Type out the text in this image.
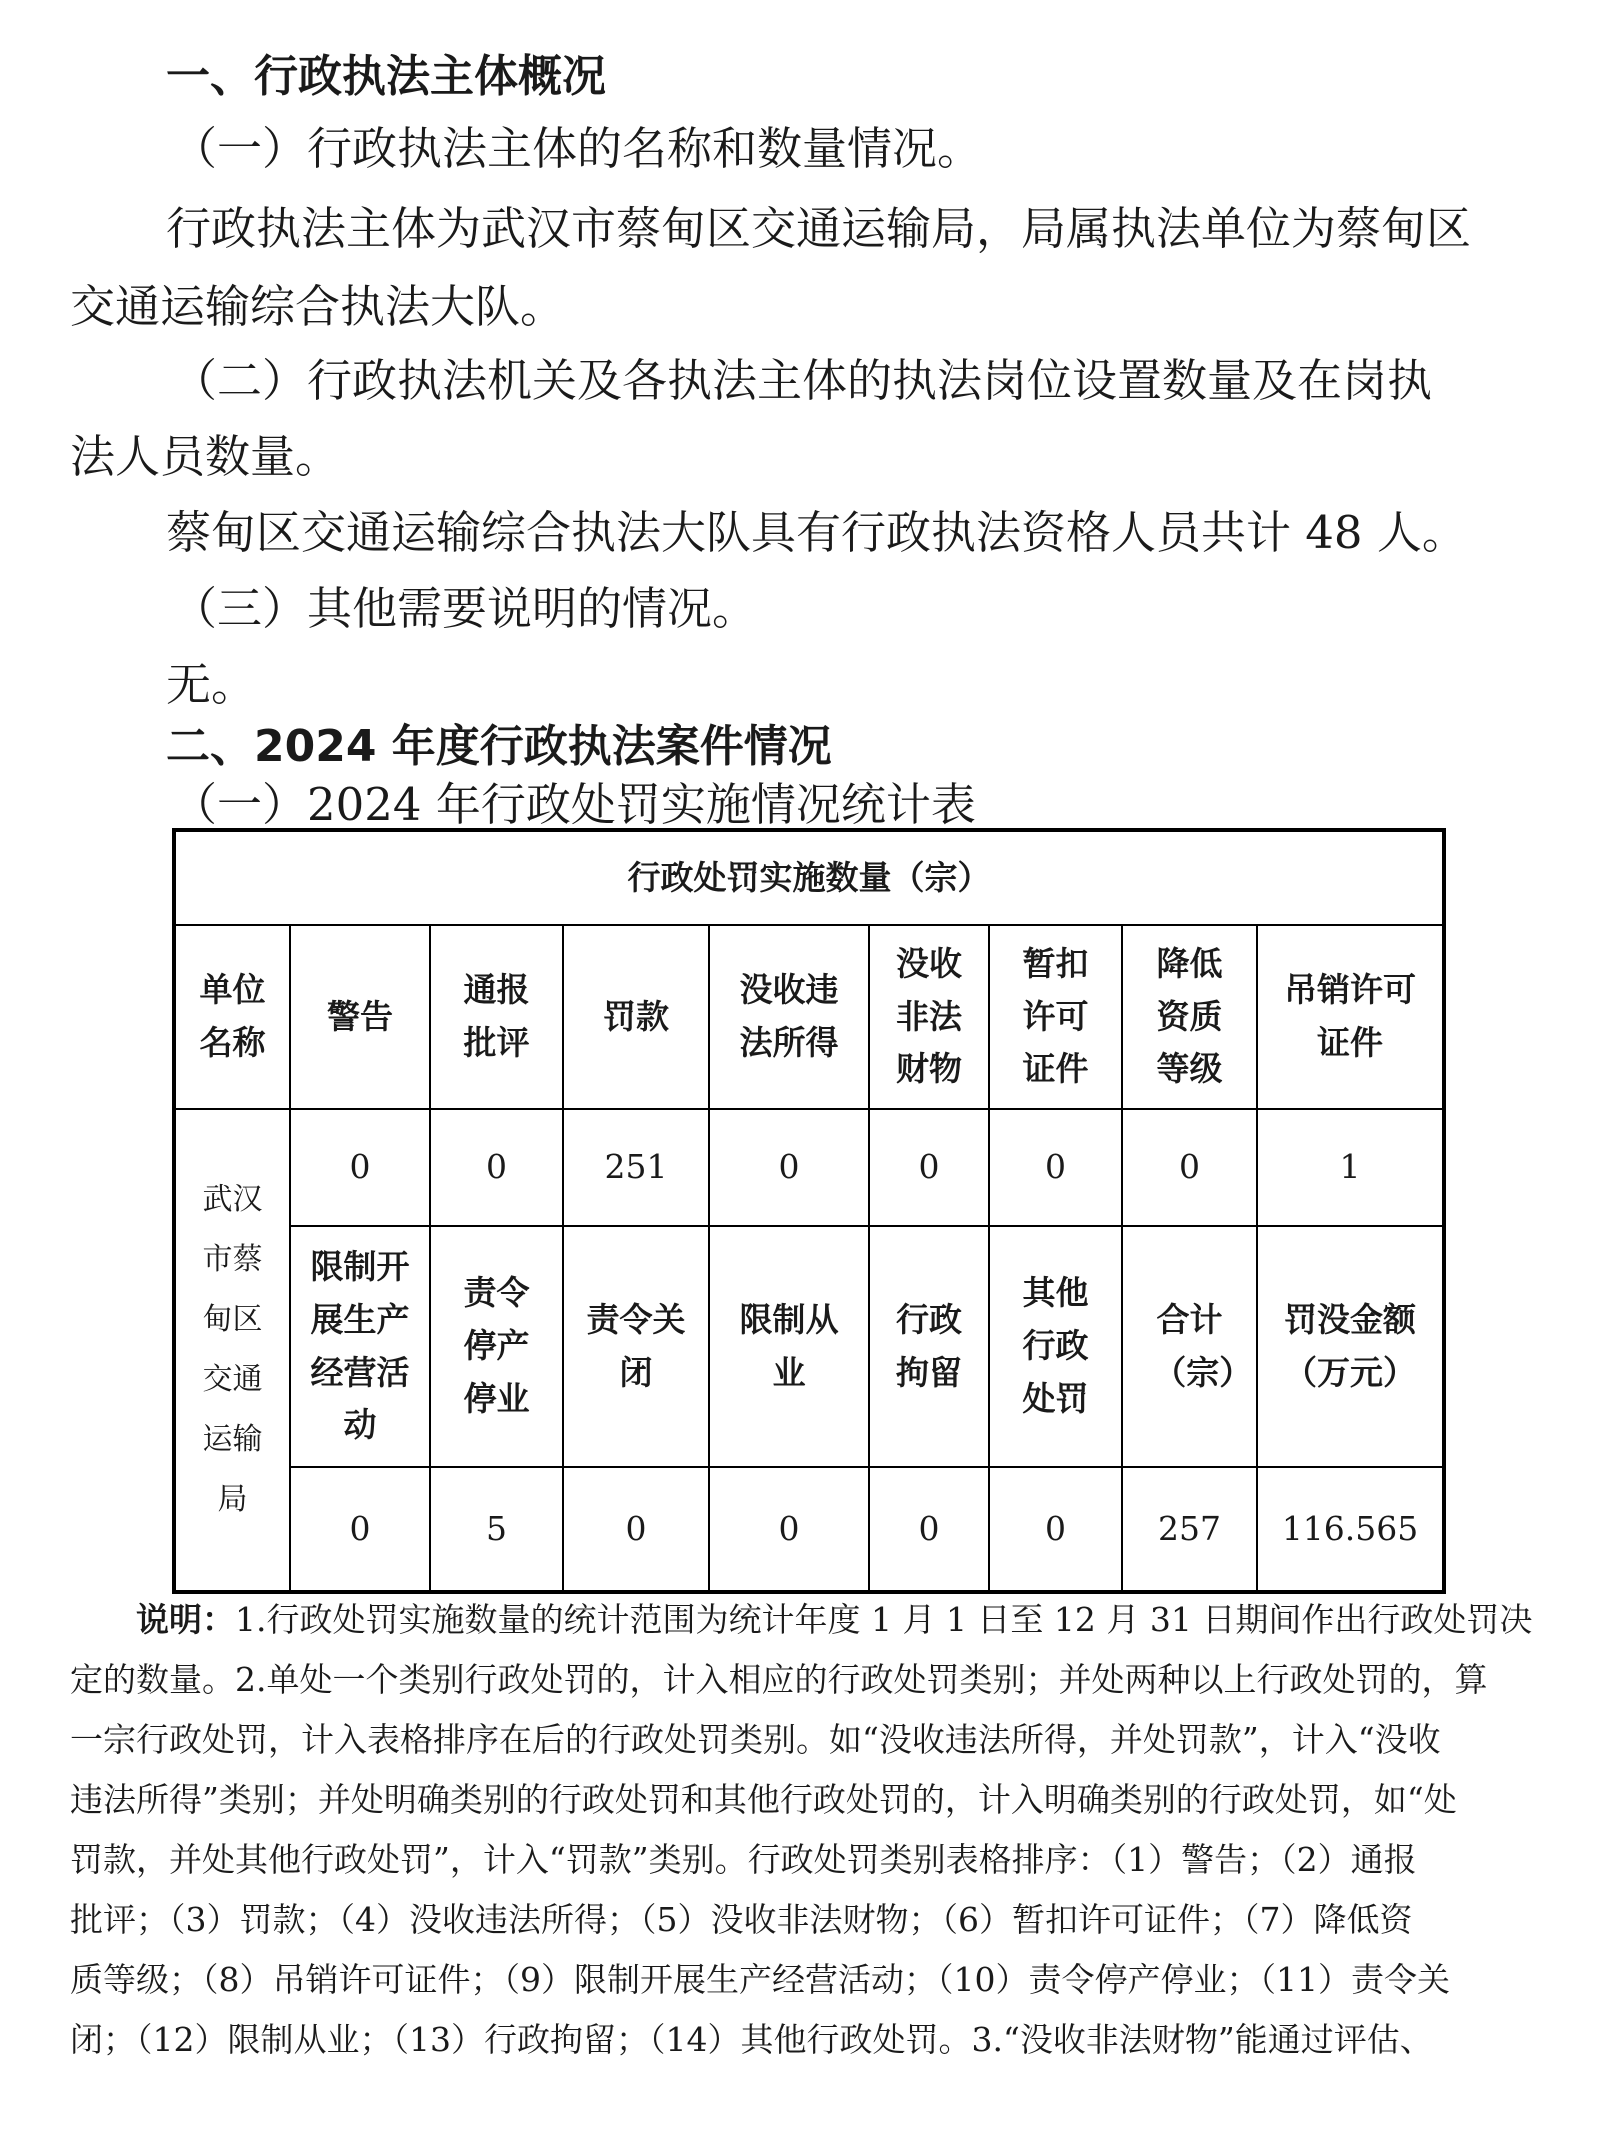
一、行政执法主体概况
（一）行政执法主体的名称和数量情况。
行政执法主体为武汉市蔡甸区交通运输局，局属执法单位为蔡甸区
交通运输综合执法大队。
（二）行政执法机关及各执法主体的执法岗位设置数量及在岗执
法人员数量。
蔡甸区交通运输综合执法大队具有行政执法资格人员共计 48 人。
（三）其他需要说明的情况。
无。
二、2024 年度行政执法案件情况
（一）2024 年行政处罚实施情况统计表
行政处罚实施数量（宗）								

单位名称	警告	通报批评	罚款	没收违法所得	没收非法财物	暂扣许可证件	降低资质等级	吊销许可证件

武汉市蔡甸区交通运输局	0	0	251	0	0	0	0	1

	限制开展生产经营活动	责令停产停业	责令关闭	限制从业	行政拘留	其他行政处罚	合计（宗）	罚没金额（万元）

	0	5	0	0	0	0	257	116.565
说明：1.行政处罚实施数量的统计范围为统计年度 1 月 1 日至 12 月 31 日期间作出行政处罚决
定的数量。2.单处一个类别行政处罚的，计入相应的行政处罚类别；并处两种以上行政处罚的，算
一宗行政处罚，计入表格排序在后的行政处罚类别。如“没收违法所得，并处罚款”，计入“没收
违法所得”类别；并处明确类别的行政处罚和其他行政处罚的，计入明确类别的行政处罚，如“处
罚款，并处其他行政处罚”，计入“罚款”类别。行政处罚类别表格排序：（1）警告；（2）通报
批评；（3）罚款；（4）没收违法所得；（5）没收非法财物；（6）暂扣许可证件；（7）降低资
质等级；（8）吊销许可证件；（9）限制开展生产经营活动；（10）责令停产停业；（11）责令关
闭；（12）限制从业；（13）行政拘留；（14）其他行政处罚。3.“没收非法财物”能通过评估、
